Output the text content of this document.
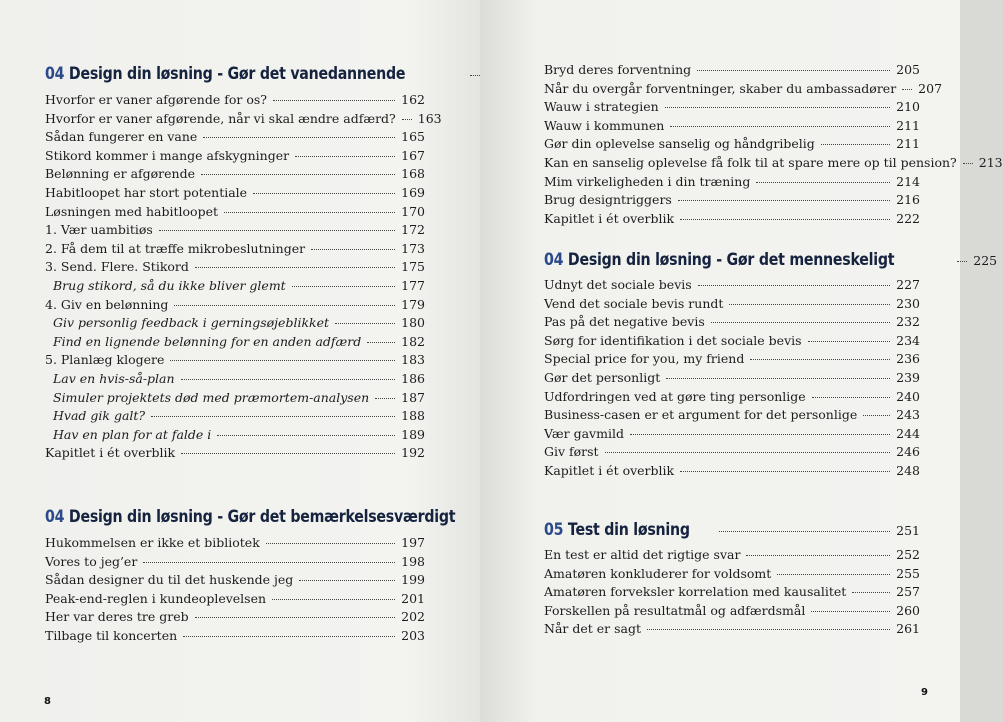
04 Design din løsning - Gør det vanedannende
Hvorfor er vaner afgørende for os?	162
Hvorfor er vaner afgørende, når vi skal ændre adfærd? 163
Sådan fungerer en vane	165
Stikord kommer i mange afskygninger	167
Belønning er afgørende	168
Habitloopet har stort potentiale	169
Løsningen med habitloopet	170
1. Vær uambitiøs	172
2. Få dem til at træffe mikrobeslutninger	173
3. Send. Flere. Stikord	175
Brug stikord, så du ikke bliver glemt	177
4. Giv en belønning	179
Giv personlig feedback i gerningsøjeblikket	180
Find en lignende belønning for en anden adfærd	182
5. Planlæg klogere	183
Lav en hvis-så-plan	186
Simuler projektets død med præmortem-analysen	187
Hvad gik galt?	188
Hav en plan for at falde i	189
Kapitlet i ét overblik	192
04 Design din løsning - Gør det bemærkelsesværdigt
Hukommelsen er ikke et bibliotek	197
Vores to jeg’er	198
Sådan designer du til det huskende jeg	199
Peak-end-reglen i kundeoplevelsen	201
Her var deres tre greb	202
Tilbage til koncerten	203
8
Bryd deres forventning	205
Når du overgår forventninger, skaber du ambassadører 207
Wauw i strategien	210
Wauw i kommunen	211
Gør din oplevelse sanselig og håndgribelig	211
Kan en sanselig oplevelse få folk til at spare mere op til pension? 213
Mim virkeligheden i din træning	214
Brug designtriggers	216
Kapitlet i ét overblik	222
04 Design din løsning - Gør det menneskeligt	225
Udnyt det sociale bevis	227
Vend det sociale bevis rundt	230
Pas på det negative bevis	232
Sørg for identifikation i det sociale bevis	234
Special price for you, my friend	236
Gør det personligt	239
Udfordringen ved at gøre ting personlige	240
Business-casen er et argument for det personlige	243
Vær gavmild	244
Giv først	246
Kapitlet i ét overblik	248
05 Test din løsning	251
En test er altid det rigtige svar	252
Amatøren konkluderer for voldsomt	255
Amatøren forveksler korrelation med kausalitet	257
Forskellen på resultatmål og adfærdsmål	260
Når det er sagt	261
9
